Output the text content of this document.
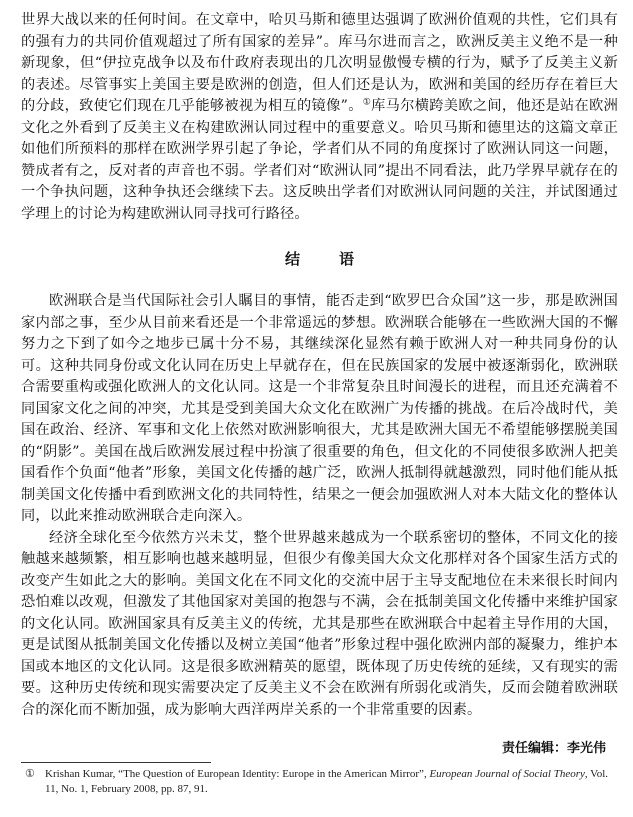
世界大战以来的任何时间。在文章中，哈贝马斯和德里达强调了欧洲价值观的共性，它们具有的强有力的共同价值观超过了所有国家的差异”。库马尔进而言之，欧洲反美主义绝不是一种新现象，但“伊拉克战争以及布什政府表现出的几次明显傲慢专横的行为，赋予了反美主义新的表述。尽管事实上美国主要是欧洲的创造，但人们还是认为，欧洲和美国的经历存在着巨大的分歧，致使它们现在几乎能够被视为相互的镜像”。①库马尔横跨美欧之间，他还是站在欧洲文化之外看到了反美主义在构建欧洲认同过程中的重要意义。哈贝马斯和德里达的这篇文章正如他们所预料的那样在欧洲学界引起了争论，学者们从不同的角度探讨了欧洲认同这一问题，赞成者有之，反对者的声音也不弱。学者们对“欧洲认同”提出不同看法，此乃学界早就存在的一个争执问题，这种争执还会继续下去。这反映出学者们对欧洲认同问题的关注，并试图通过学理上的讨论为构建欧洲认同寻找可行路径。

结　语

欧洲联合是当代国际社会引人瞩目的事情，能否走到“欧罗巴合众国”这一步，那是欧洲国家内部之事，至少从目前来看还是一个非常遥远的梦想。欧洲联合能够在一些欧洲大国的不懈努力之下到了如今之地步已属十分不易，其继续深化显然有赖于欧洲人对一种共同身份的认可。这种共同身份或文化认同在历史上早就存在，但在民族国家的发展中被逐渐弱化，欧洲联合需要重构或强化欧洲人的文化认同。这是一个非常复杂且时间漫长的进程，而且还充满着不同国家文化之间的冲突，尤其是受到美国大众文化在欧洲广为传播的挑战。在后冷战时代，美国在政治、经济、军事和文化上依然对欧洲影响很大，尤其是欧洲大国无不希望能够摆脱美国的“阴影”。美国在战后欧洲发展过程中扮演了很重要的角色，但文化的不同使很多欧洲人把美国看作个负面“他者”形象，美国文化传播的越广泛，欧洲人抵制得就越激烈，同时他们能从抵制美国文化传播中看到欧洲文化的共同特性，结果之一便会加强欧洲人对本大陆文化的整体认同，以此来推动欧洲联合走向深入。

经济全球化至今依然方兴未艾，整个世界越来越成为一个联系密切的整体，不同文化的接触越来越频繁，相互影响也越来越明显，但很少有像美国大众文化那样对各个国家生活方式的改变产生如此之大的影响。美国文化在不同文化的交流中居于主导支配地位在未来很长时间内恐怕难以改观，但激发了其他国家对美国的抱怨与不满，会在抵制美国文化传播中来维护国家的文化认同。欧洲国家具有反美主义的传统，尤其是那些在欧洲联合中起着主导作用的大国，更是试图从抵制美国文化传播以及树立美国“他者”形象过程中强化欧洲内部的凝聚力，维护本国或本地区的文化认同。这是很多欧洲精英的愿望，既体现了历史传统的延续，又有现实的需要。这种历史传统和现实需要决定了反美主义不会在欧洲有所弱化或消失，反而会随着欧洲联合的深化而不断加强，成为影响大西洋两岸关系的一个非常重要的因素。

责任编辑：李光伟
① Krishan Kumar, “The Question of European Identity: Europe in the American Mirror”, European Journal of Social Theory, Vol. 11, No. 1, February 2008, pp. 87, 91.
